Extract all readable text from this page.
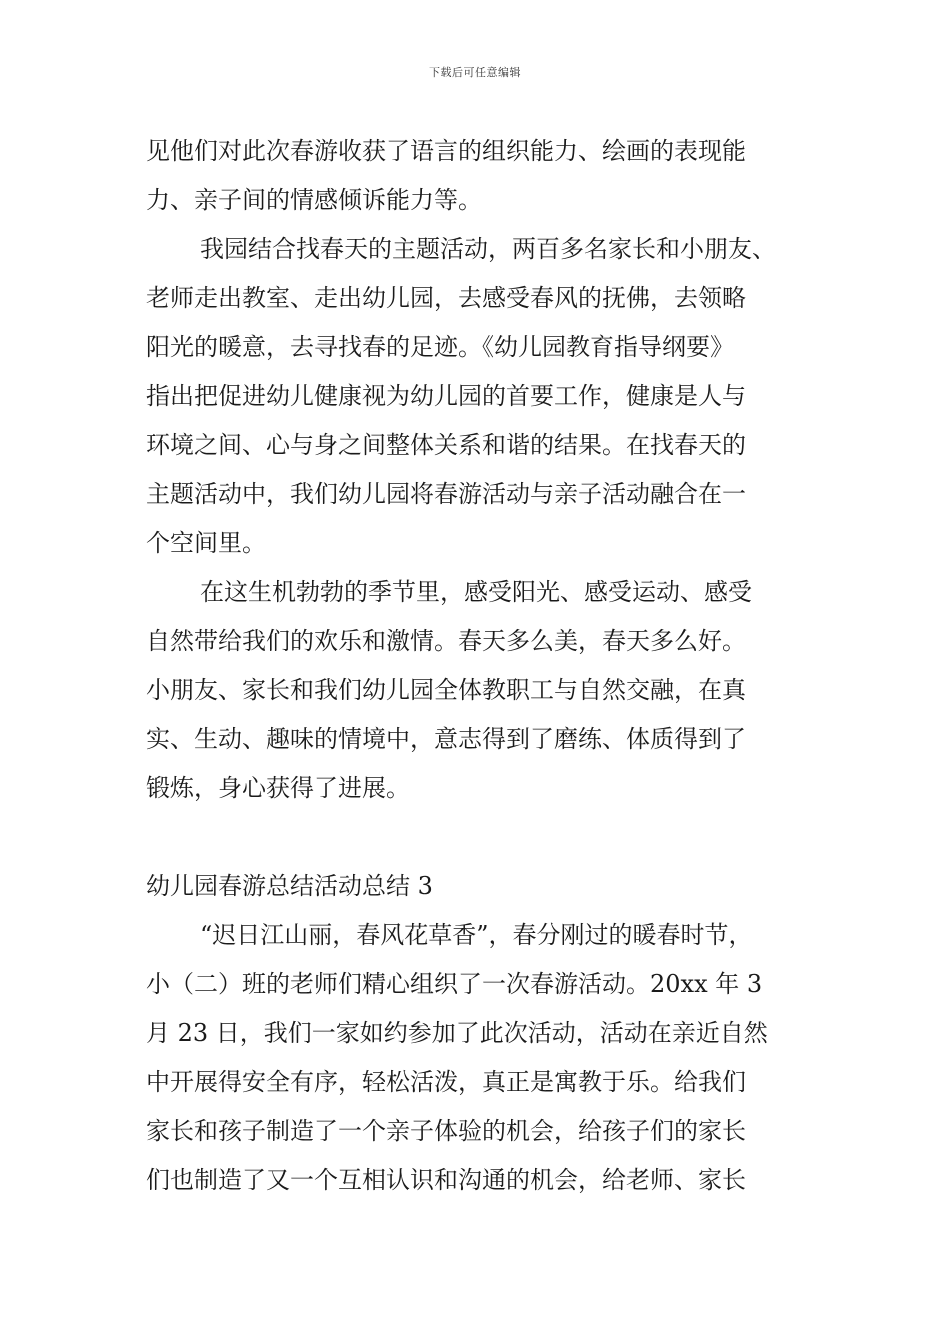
下载后可任意编辑
见他们对此次春游收获了语言的组织能力、绘画的表现能
力、亲子间的情感倾诉能力等。
我园结合找春天的主题活动，两百多名家长和小朋友、
老师走出教室、走出幼儿园，去感受春风的抚佛，去领略
阳光的暖意，去寻找春的足迹。《幼儿园教育指导纲要》
指出把促进幼儿健康视为幼儿园的首要工作，健康是人与
环境之间、心与身之间整体关系和谐的结果。在找春天的
主题活动中，我们幼儿园将春游活动与亲子活动融合在一
个空间里。
在这生机勃勃的季节里，感受阳光、感受运动、感受
自然带给我们的欢乐和激情。春天多么美，春天多么好。
小朋友、家长和我们幼儿园全体教职工与自然交融，在真
实、生动、趣味的情境中，意志得到了磨练、体质得到了
锻炼，身心获得了进展。
幼儿园春游总结活动总结 3
“迟日江山丽，春风花草香”，春分刚过的暖春时节，
小（二）班的老师们精心组织了一次春游活动。20xx 年 3
月 23 日，我们一家如约参加了此次活动，活动在亲近自然
中开展得安全有序，轻松活泼，真正是寓教于乐。给我们
家长和孩子制造了一个亲子体验的机会，给孩子们的家长
们也制造了又一个互相认识和沟通的机会，给老师、家长
